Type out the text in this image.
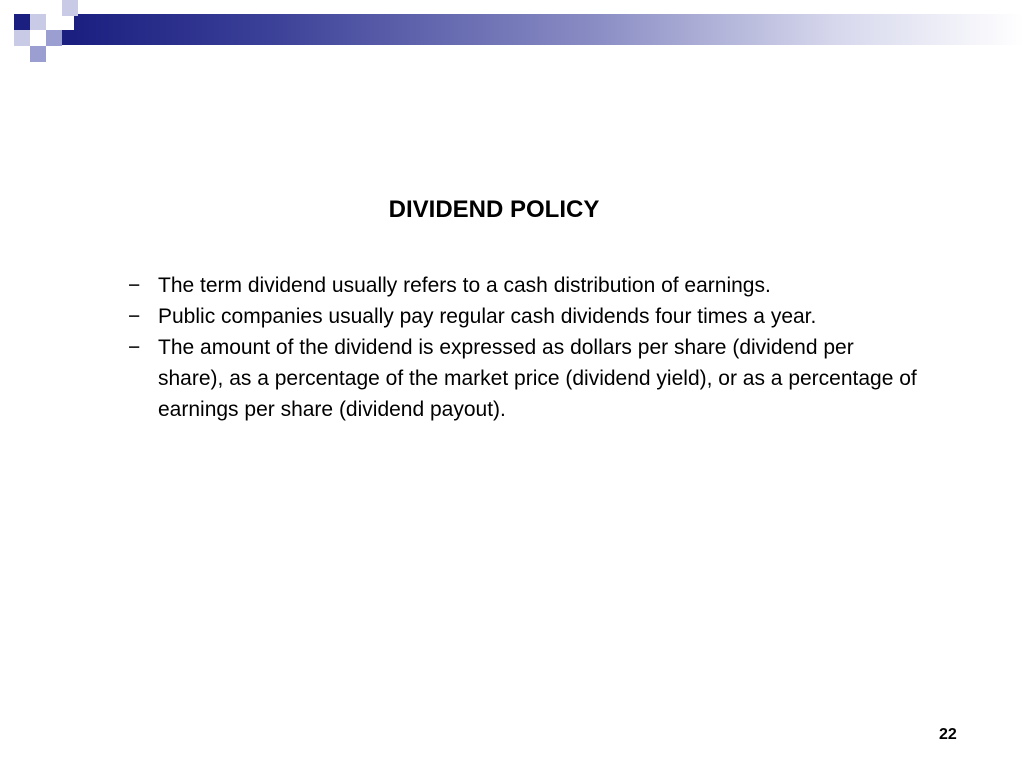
DIVIDEND POLICY
− The term dividend usually refers to a cash distribution of earnings.
− Public companies usually pay regular cash dividends four times a year.
− The amount of the dividend is expressed as dollars per share (dividend per share), as a percentage of the market price (dividend yield), or as a percentage of earnings per share (dividend payout).
22
